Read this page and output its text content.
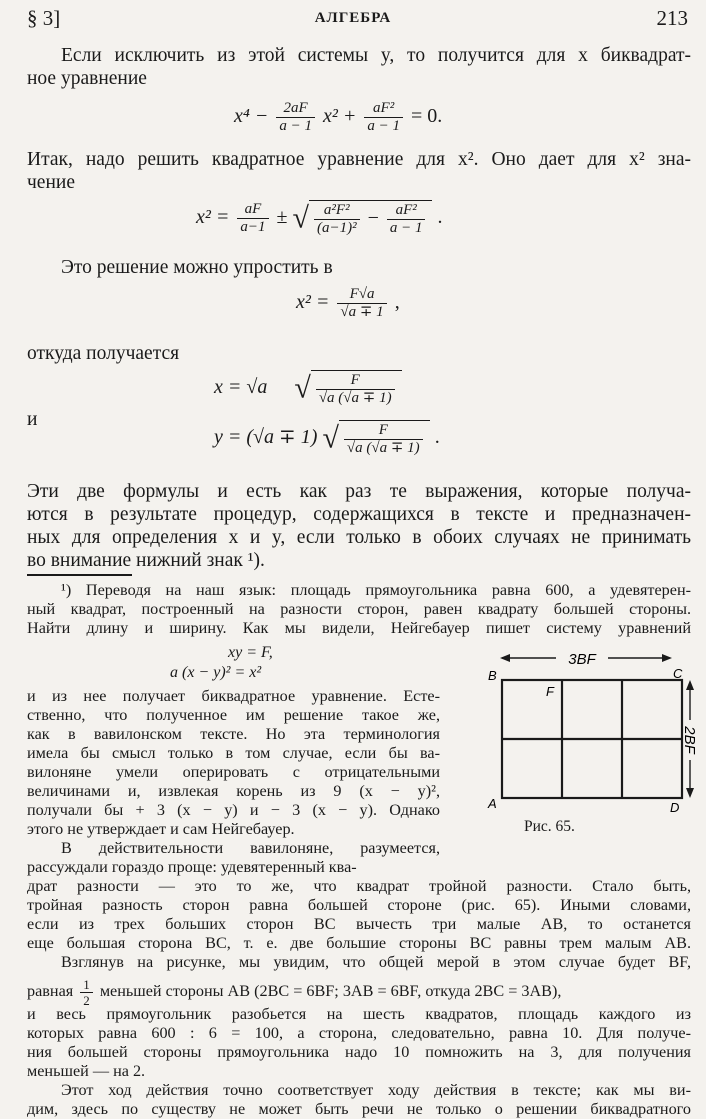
§ 3]	АЛГЕБРА	213
Если исключить из этой системы y, то получится для x биквадрат-
ное уравнение
$x^4 - \frac{2aF}{a - 1} x^2 + \frac{\text{aF²}}{a - 1} = 0$.
Итак, надо решить квадратное уравнение для x². Оно дает для x² зна-
чение
$x^2 = \frac{aF}{a-1}$ ± √ $\frac{\text{a²F²}}{\text{(a−1)²}} - \frac{\text{aF²}}{a - 1}$ .
Это решение можно упростить в
$x^2 = \frac{F√a}{√a \mp 1}$ ,
откуда получается
x = √a √ $\frac{F}{√a (√a \mp 1)}$
и
y = (√a ∓ 1) √ $\frac{F}{√a (√a \mp 1)}$ .
Эти две формулы и есть как раз те выражения, которые получа-
ются в результате процедур, содержащихся в тексте и предназначен-
ных для определения x и y, если только в обоих случаях не принимать
во внимание нижний знак ¹).
¹) Переводя на наш язык: площадь прямоугольника равна 600, а удевятерен-
ный квадрат, построенный на разности сторон, равен квадрату большей стороны.
Найти длину и ширину. Как мы видели, Нейгебауер пишет систему уравнений
xy = F,
a (x − y)² = x²
и из нее получает биквадратное уравнение. Есте-
ственно, что полученное им решение такое же,
как в вавилонском тексте. Но эта терминология
имела бы смысл только в том случае, если бы ва-
вилоняне умели оперировать с отрицательными
величинами и, извлекая корень из 9 (x − y)²,
получали бы + 3 (x − y) и − 3 (x − y). Однако
этого не утверждает и сам Нейгебауер.
В действительности вавилоняне, разумеется,
рассуждали гораздо проще: удевятеренный ква-
драт разности — это то же, что квадрат тройной разности. Стало быть,
тройная разность сторон равна большей стороне (рис. 65). Иными словами,
если из трех больших сторон BC вычесть три малые AB, то останется
еще большая сторона BC, т. е. две большие стороны BC равны трем малым AB.
Взглянув на рисунке, мы увидим, что общей мерой в этом случае будет BF,
равная $\frac{1}{2}$ меньшей стороны AB (2BC = 6BF; 3AB = 6BF, откуда 2BC = 3AB),
и весь прямоугольник разобьется на шесть квадратов, площадь каждого из
которых равна 600 : 6 = 100, а сторона, следовательно, равна 10. Для получе-
ния большей стороны прямоугольника надо 10 помножить на 3, для получения
меньшей — на 2.
Этот ход действия точно соответствует ходу действия в тексте; как мы ви-
дим, здесь по существу не может быть речи не только о решении биквадратного
3BF
2BF
B	C
A	D
F
Рис. 65.
